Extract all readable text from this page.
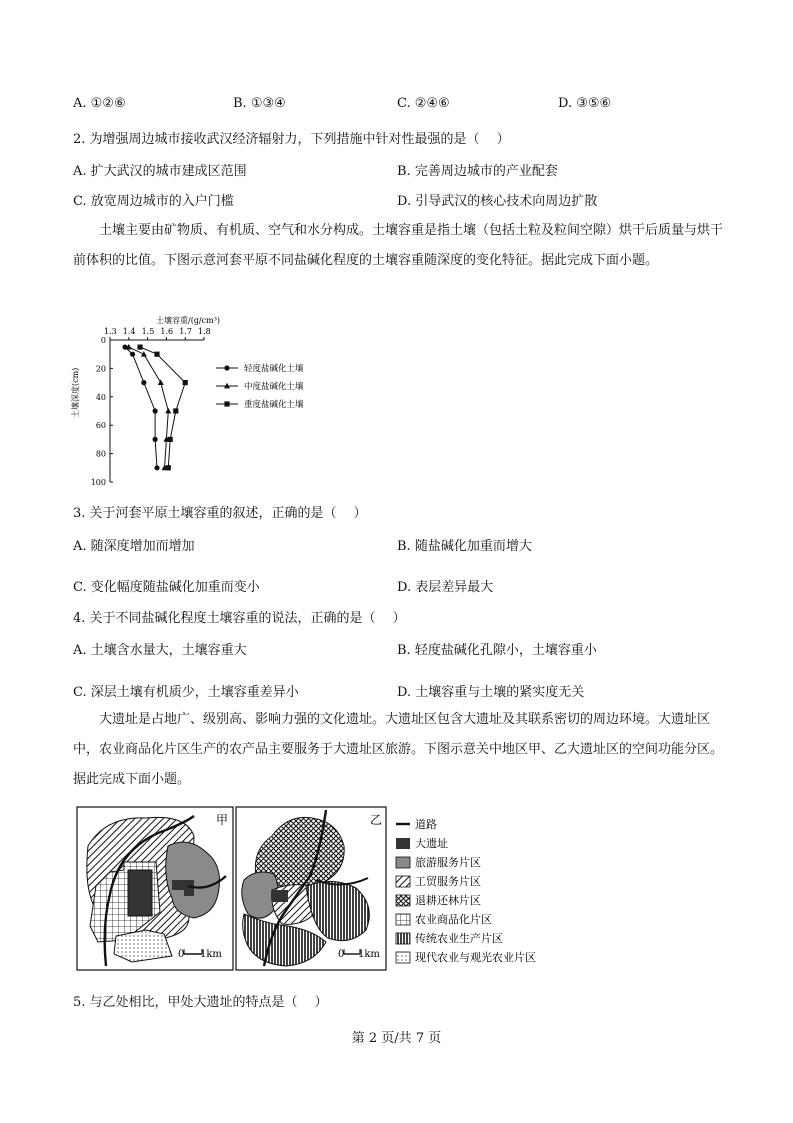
A. ①②⑥	B. ①③④	C. ②④⑥	D. ③⑤⑥
2. 为增强周边城市接收武汉经济辐射力，下列措施中针对性最强的是（　 ）
A. 扩大武汉的城市建成区范围	B. 完善周边城市的产业配套
C. 放宽周边城市的入户门槛	D. 引导武汉的核心技术向周边扩散
土壤主要由矿物质、有机质、空气和水分构成。土壤容重是指土壤（包括土粒及粒间空隙）烘干后质量与烘干前体积的比值。下图示意河套平原不同盐碱化程度的土壤容重随深度的变化特征。据此完成下面小题。
土壤容重/(g/cm³)
1.3 1.4 1.5 1.6 1.7 1.8
0
20
40
60
80
100
土壤深度(cm)	轻度盐碱化土壤
中度盐碱化土壤
重度盐碱化土壤
3. 关于河套平原土壤容重的叙述，正确的是（　 ）
A. 随深度增加而增加	B. 随盐碱化加重而增大
C. 变化幅度随盐碱化加重而变小	D. 表层差异最大
4. 关于不同盐碱化程度土壤容重的说法，正确的是（　 ）
A. 土壤含水量大，土壤容重大	B. 轻度盐碱化孔隙小，土壤容重小
C. 深层土壤有机质少，土壤容重差异小	D. 土壤容重与土壤的紧实度无关
大遗址是占地广、级别高、影响力强的文化遗址。大遗址区包含大遗址及其联系密切的周边环境。大遗址区中，农业商品化片区生产的农产品主要服务于大遗址区旅游。下图示意关中地区甲、乙大遗址区的空间功能分区。据此完成下面小题。
甲
0 1km
乙
0 1km
道路
大遗址
旅游服务片区
工贸服务片区
退耕还林片区
农业商品化片区
传统农业生产片区
现代农业与观光农业片区
5. 与乙处相比，甲处大遗址的特点是（　 ）
第 2 页/共 7 页
